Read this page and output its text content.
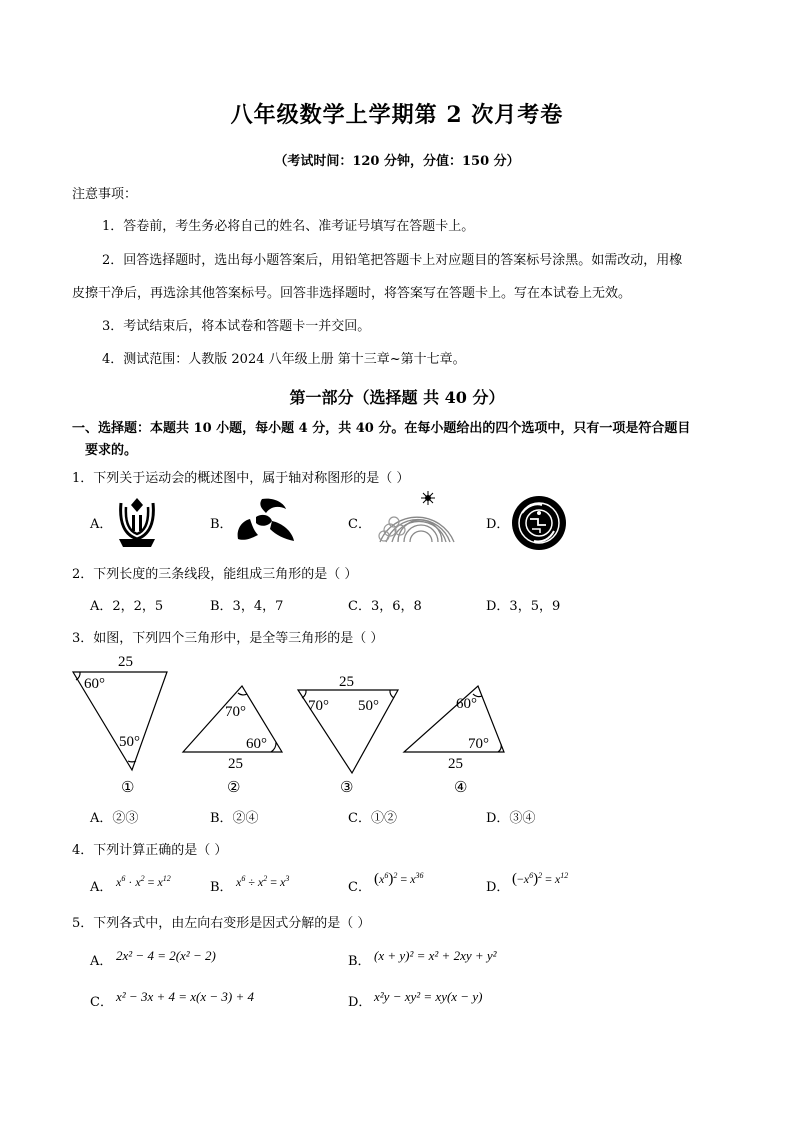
八年级数学上学期第 2 次月考卷
（考试时间：120 分钟，分值：150 分）
注意事项：
1．答卷前，考生务必将自己的姓名、准考证号填写在答题卡上。
2．回答选择题时，选出每小题答案后，用铅笔把答题卡上对应题目的答案标号涂黑。如需改动，用橡
皮擦干净后，再选涂其他答案标号。回答非选择题时，将答案写在答题卡上。写在本试卷上无效。
3．考试结束后，将本试卷和答题卡一并交回。
4．测试范围：人教版 2024 八年级上册 第十三章~第十七章。
第一部分（选择题 共 40 分）
一、选择题：本题共 10 小题，每小题 4 分，共 40 分。在每小题给出的四个选项中，只有一项是符合题目
要求的。
1．下列关于运动会的概述图中，属于轴对称图形的是（ ）
A．	B．	C．	D．
2．下列长度的三条线段，能组成三角形的是（ ）
A．2，2，5	B．3，4，7	C．3，6，8	D．3，5，9
3．如图，下列四个三角形中，是全等三角形的是（ ）
25
60°
50°
①
70°
60°
25
②
25
70° 50°
③
60°
70°
25
④
A．②③	B．②④	C．①②	D．③④
4．下列计算正确的是（ ）
A． $x^6 \cdot x^2 = x^{12}$
B． $x^6 \div x^2 = x^3$
C．
$(x^6)^2 = x^{36}$
D．
$(-x^6)^2 = x^{12}$
5．下列各式中，由左向右变形是因式分解的是（ ）
A． 2x² − 4 = 2(x² − 2)	B． (x + y)² = x² + 2xy + y²
C． x² − 3x + 4 = x(x − 3) + 4	D． x²y − xy² = xy(x − y)
